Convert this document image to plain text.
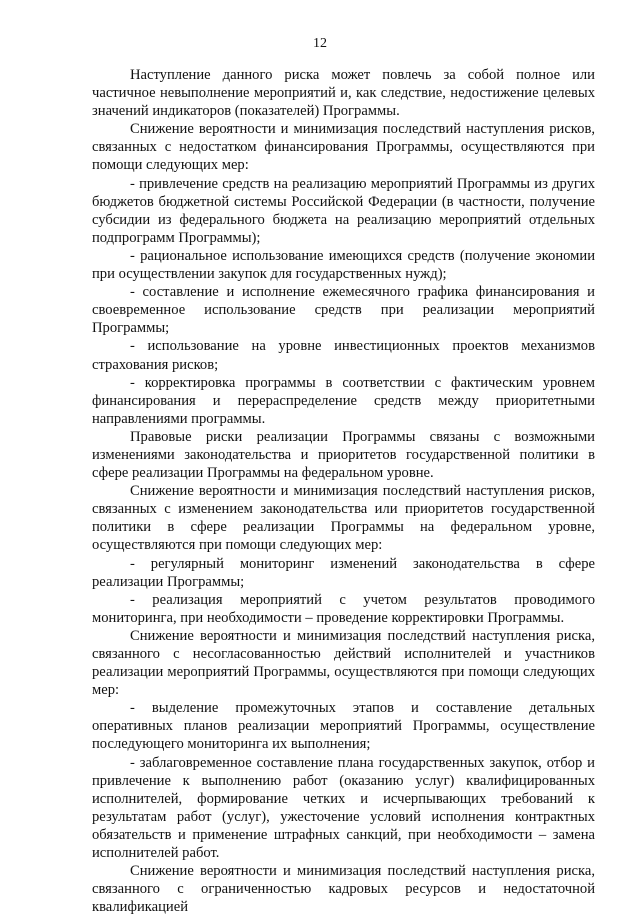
12

Наступление данного риска может повлечь за собой полное или частичное невыполнение мероприятий и, как следствие, недостижение целевых значений индикаторов (показателей) Программы.

Снижение вероятности и минимизация последствий наступления рисков, связанных с недостатком финансирования Программы, осуществляются при помощи следующих мер:

- привлечение средств на реализацию мероприятий Программы из других бюджетов бюджетной системы Российской Федерации (в частности, получение субсидии из федерального бюджета на реализацию мероприятий отдельных подпрограмм Программы);

- рациональное использование имеющихся средств (получение экономии при осуществлении закупок для государственных нужд);

- составление и исполнение ежемесячного графика финансирования и своевременное использование средств при реализации мероприятий Программы;

- использование на уровне инвестиционных проектов механизмов страхования рисков;

- корректировка программы в соответствии с фактическим уровнем финансирования и перераспределение средств между приоритетными направлениями программы.

Правовые риски реализации Программы связаны с возможными изменениями законодательства и приоритетов государственной политики в сфере реализации Программы на федеральном уровне.

Снижение вероятности и минимизация последствий наступления рисков, связанных с изменением законодательства или приоритетов государственной политики в сфере реализации Программы на федеральном уровне, осуществляются при помощи следующих мер:

- регулярный мониторинг изменений законодательства в сфере реализации Программы;

- реализация мероприятий с учетом результатов проводимого мониторинга, при необходимости – проведение корректировки Программы.

Снижение вероятности и минимизация последствий наступления риска, связанного с несогласованностью действий исполнителей и участников реализации мероприятий Программы, осуществляются при помощи следующих мер:

- выделение промежуточных этапов и составление детальных оперативных планов реализации мероприятий Программы, осуществление последующего мониторинга их выполнения;

- заблаговременное составление плана государственных закупок, отбор и привлечение к выполнению работ (оказанию услуг) квалифицированных исполнителей, формирование четких и исчерпывающих требований к результатам работ (услуг), ужесточение условий исполнения контрактных обязательств и применение штрафных санкций, при необходимости – замена исполнителей работ.

Снижение вероятности и минимизация последствий наступления риска, связанного с ограниченностью кадровых ресурсов и недостаточной квалификацией
